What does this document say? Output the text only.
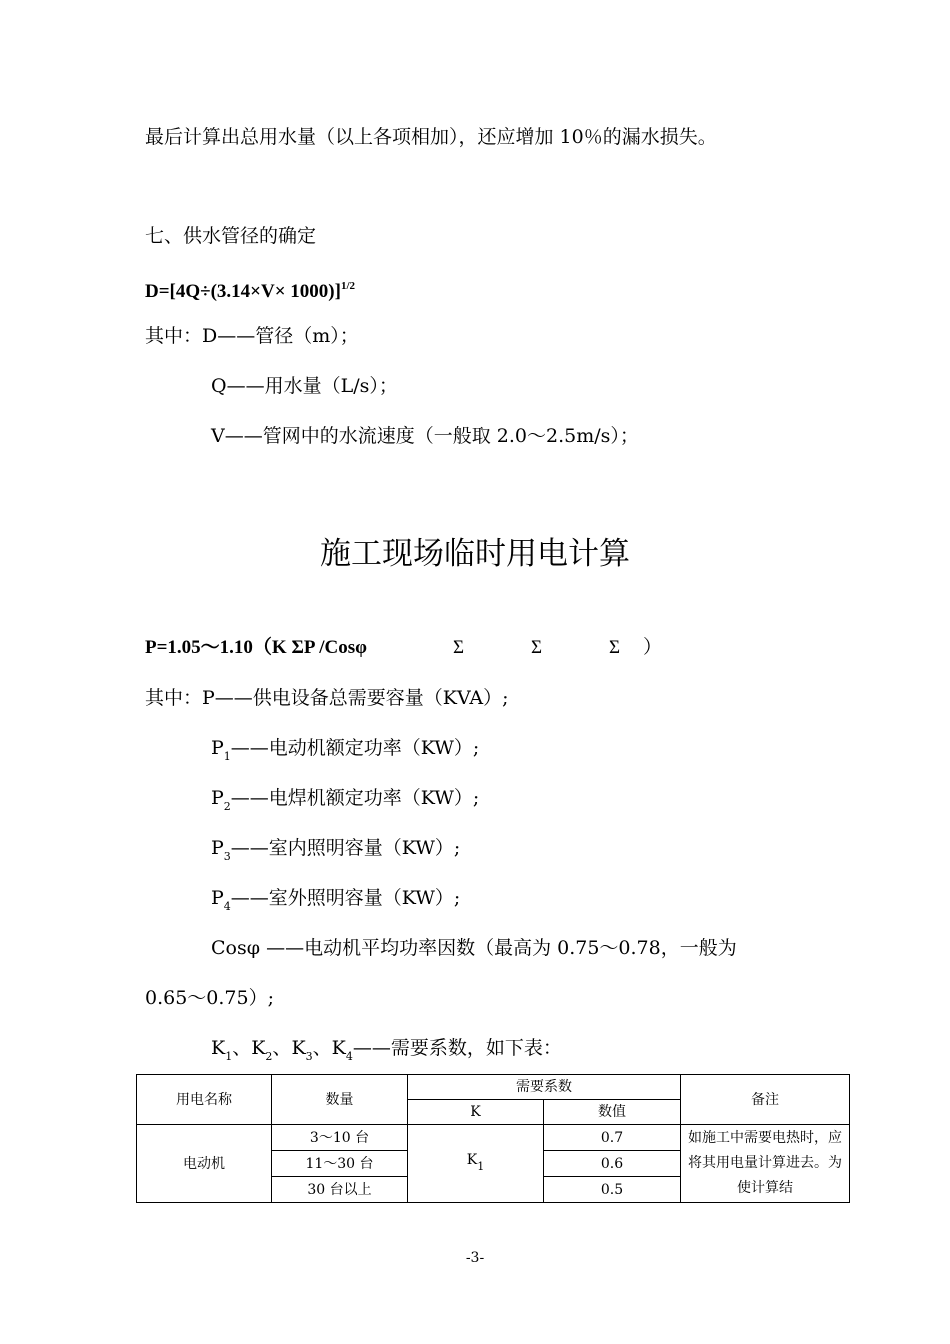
最后计算出总用水量（以上各项相加），还应增加 10％的漏水损失。
七、供水管径的确定
$D=[4Q\div(3.14\times V\times 1000)]^{1/2}$
其中：D——管径（m）；
Q——用水量（L/s）；
V——管网中的水流速度（一般取 2.0～2.5m/s）；
施工现场临时用电计算
P=1.05～1.10（K ΣP /Cosφ	Σ	Σ	Σ ）
其中：P——供电设备总需要容量（KVA）;
$P_1——$电动机额定功率（KW）;
$P_2——$电焊机额定功率（KW）;
$P_3——$室内照明容量（KW）;
$P_4——$室外照明容量（KW）;
Cosφ ——电动机平均功率因数（最高为 0.75～0.78，一般为
0.65～0.75）;
$K_1$、$K_2$、$K_3$、$K_4——$需要系数，如下表：
用电名称	数量	需要系数		备注
		K	数值	
电动机	3～10 台	$K_1$	0.7	如施工中需要电热时，应将其用电量计算进去。为使计算结
	11～30 台		0.6	
	30 台以上		0.5	
-3-
